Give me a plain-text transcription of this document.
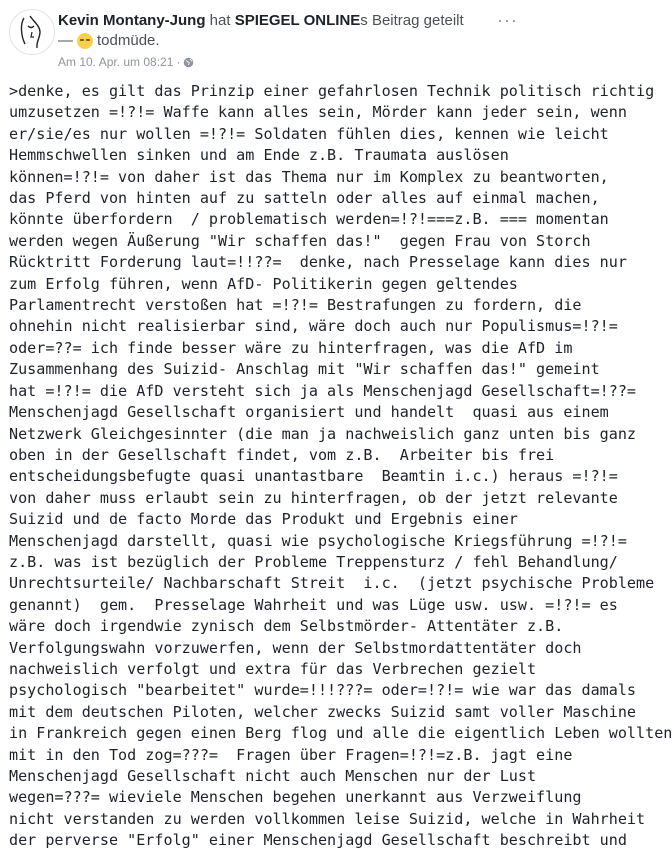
Kevin Montany-Jung hat SPIEGEL ONLINEs Beitrag geteilt
— todmüde.
Am 10. Apr. um 08:21 ·
···
>denke, es gilt das Prinzip einer gefahrlosen Technik politisch richtig
umzusetzen =!?!= Waffe kann alles sein, Mörder kann jeder sein, wenn
er/sie/es nur wollen =!?!= Soldaten fühlen dies, kennen wie leicht
Hemmschwellen sinken und am Ende z.B. Traumata auslösen
können=!?!= von daher ist das Thema nur im Komplex zu beantworten,
das Pferd von hinten auf zu satteln oder alles auf einmal machen,
könnte überfordern  / problematisch werden=!?!===z.B. === momentan
werden wegen Äußerung "Wir schaffen das!"  gegen Frau von Storch
Rücktritt Forderung laut=!!??=  denke, nach Presselage kann dies nur
zum Erfolg führen, wenn AfD- Politikerin gegen geltendes
Parlamentrecht verstoßen hat =!?!= Bestrafungen zu fordern, die
ohnehin nicht realisierbar sind, wäre doch auch nur Populismus=!?!=
oder=??= ich finde besser wäre zu hinterfragen, was die AfD im
Zusammenhang des Suizid- Anschlag mit "Wir schaffen das!" gemeint
hat =!?!= die AfD versteht sich ja als Menschenjagd Gesellschaft=!??=
Menschenjagd Gesellschaft organisiert und handelt  quasi aus einem
Netzwerk Gleichgesinnter (die man ja nachweislich ganz unten bis ganz
oben in der Gesellschaft findet, vom z.B.  Arbeiter bis frei
entscheidungsbefugte quasi unantastbare  Beamtin i.c.) heraus =!?!=
von daher muss erlaubt sein zu hinterfragen, ob der jetzt relevante
Suizid und de facto Morde das Produkt und Ergebnis einer
Menschenjagd darstellt, quasi wie psychologische Kriegsführung =!?!=
z.B. was ist bezüglich der Probleme Treppensturz / fehl Behandlung/
Unrechtsurteile/ Nachbarschaft Streit  i.c.  (jetzt psychische Probleme
genannt)  gem.  Presselage Wahrheit und was Lüge usw. usw. =!?!= es
wäre doch irgendwie zynisch dem Selbstmörder- Attentäter z.B.
Verfolgungswahn vorzuwerfen, wenn der Selbstmordattentäter doch
nachweislich verfolgt und extra für das Verbrechen gezielt
psychologisch "bearbeitet" wurde=!!!???= oder=!?!= wie war das damals
mit dem deutschen Piloten, welcher zwecks Suizid samt voller Maschine
in Frankreich gegen einen Berg flog und alle die eigentlich Leben wollten
mit in den Tod zog=???=  Fragen über Fragen=!?!=z.B. jagt eine
Menschenjagd Gesellschaft nicht auch Menschen nur der Lust
wegen=???= wieviele Menschen begehen unerkannt aus Verzweiflung
nicht verstanden zu werden vollkommen leise Suizid, welche in Wahrheit
der perverse "Erfolg" einer Menschenjagd Gesellschaft beschreibt und
